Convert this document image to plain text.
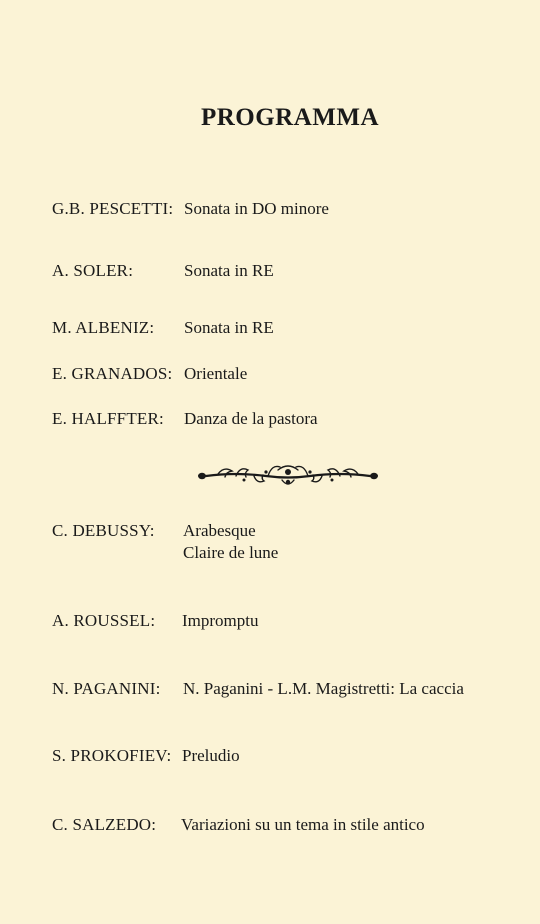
PROGRAMMA
G.B. PESCETTI: Sonata in DO minore
A. SOLER:	Sonata in RE
M. ALBENIZ: Sonata in RE
E. GRANADOS: Orientale
E. HALFFTER: Danza de la pastora
C. DEBUSSY: Arabesque
Claire de lune
A. ROUSSEL: Impromptu
N. PAGANINI: N. Paganini - L.M. Magistretti: La caccia
S. PROKOFIEV: Preludio
C. SALZEDO: Variazioni su un tema in stile antico
